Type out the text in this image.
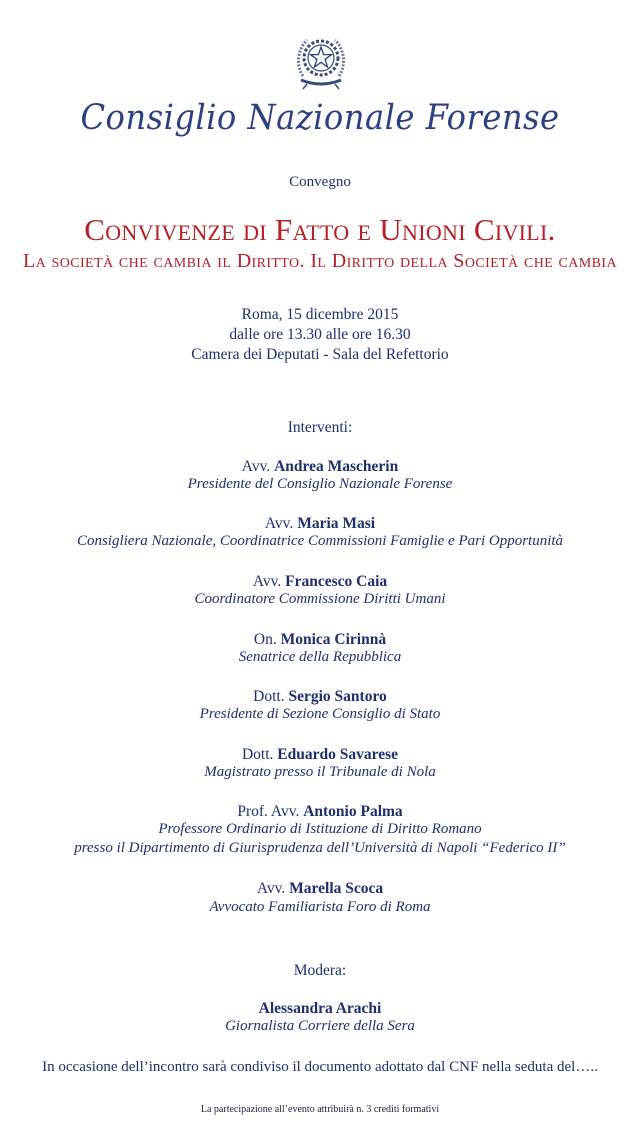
Consiglio Nazionale Forense
Convegno
Convivenze di Fatto e Unioni Civili.
La società che cambia il Diritto. Il Diritto della Società che cambia
Roma, 15 dicembre 2015
dalle ore 13.30 alle ore 16.30
Camera dei Deputati - Sala del Refettorio
Interventi:
Avv. Andrea Mascherin
Presidente del Consiglio Nazionale Forense
Avv. Maria Masi
Consigliera Nazionale, Coordinatrice Commissioni Famiglie e Pari Opportunità
Avv. Francesco Caia
Coordinatore Commissione Diritti Umani
On. Monica Cirinnà
Senatrice della Repubblica
Dott. Sergio Santoro
Presidente di Sezione Consiglio di Stato
Dott. Eduardo Savarese
Magistrato presso il Tribunale di Nola
Prof. Avv. Antonio Palma
Professore Ordinario di Istituzione di Diritto Romano
presso il Dipartimento di Giurisprudenza dell’Università di Napoli “Federico II”
Avv. Marella Scoca
Avvocato Familiarista Foro di Roma
Modera:
Alessandra Arachi
Giornalista Corriere della Sera
In occasione dell’incontro sarà condiviso il documento adottato dal CNF nella seduta del…..
La partecipazione all’evento attribuirà n. 3 crediti formativi
